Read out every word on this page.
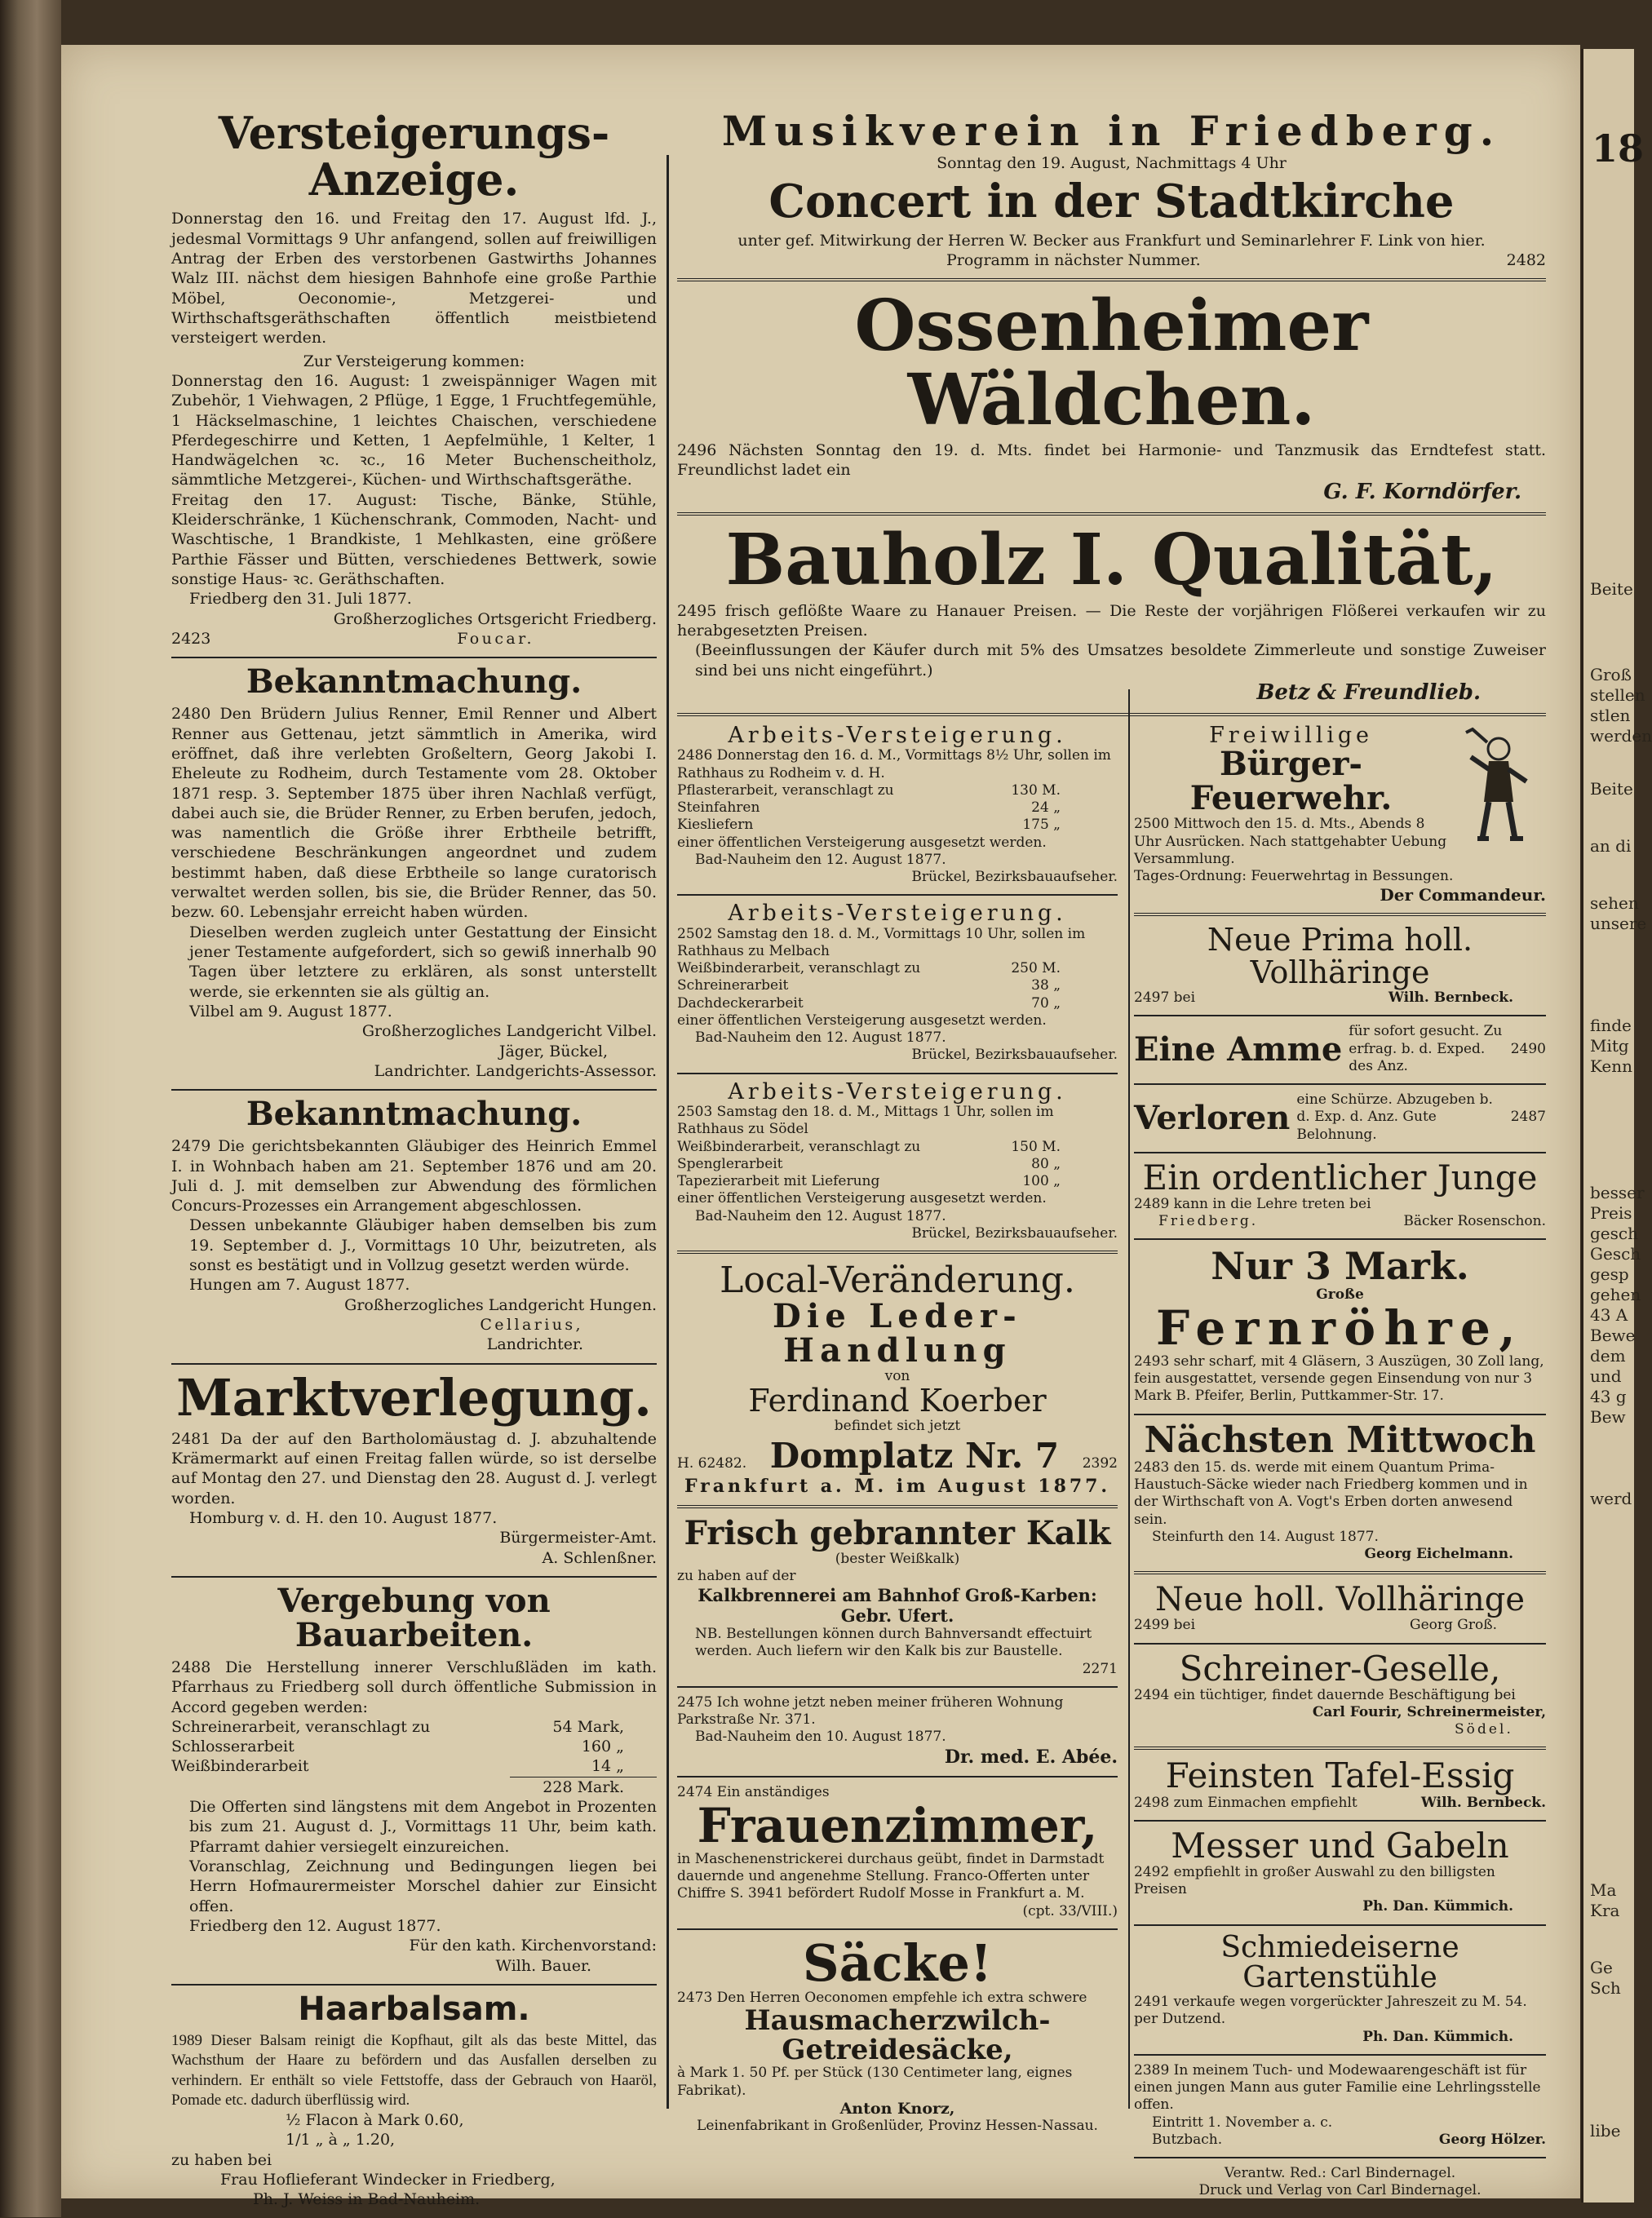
18
Beite
Groß
stellen
stlen
werden
Beite
an di
sehen
unsere
finde
Mitg
Kenn
besser
Preis
gesch
Gesch
gesp
gehen
43 A
Bewe
dem
und
43 g
Bew
werd
Ma
Kra
Ge
Sch
libe
Versteigerungs-Anzeige.
Donnerstag den 16. und Freitag den 17. August lfd. J., jedesmal Vormittags 9 Uhr anfangend, sollen auf freiwilligen Antrag der Erben des verstorbenen Gastwirths Johannes Walz III. nächst dem hiesigen Bahnhofe eine große Parthie Möbel, Oeconomie-, Metzgerei- und Wirthschaftsgeräthschaften öffentlich meistbietend versteigert werden.
Zur Versteigerung kommen:
Donnerstag den 16. August: 1 zweispänniger Wagen mit Zubehör, 1 Viehwagen, 2 Pflüge, 1 Egge, 1 Fruchtfegemühle, 1 Häckselmaschine, 1 leichtes Chaischen, verschiedene Pferdegeschirre und Ketten, 1 Aepfelmühle, 1 Kelter, 1 Handwägelchen ꝛc. ꝛc., 16 Meter Buchenscheitholz, sämmtliche Metzgerei-, Küchen- und Wirthschaftsgeräthe.
Freitag den 17. August: Tische, Bänke, Stühle, Kleiderschränke, 1 Küchenschrank, Commoden, Nacht- und Waschtische, 1 Brandkiste, 1 Mehlkasten, eine größere Parthie Fässer und Bütten, verschiedenes Bettwerk, sowie sonstige Haus- ꝛc. Geräthschaften.
Friedberg den 31. Juli 1877.
Großherzogliches Ortsgericht Friedberg.
2423	Foucar.
Bekanntmachung.
2480 Den Brüdern Julius Renner, Emil Renner und Albert Renner aus Gettenau, jetzt sämmtlich in Amerika, wird eröffnet, daß ihre verlebten Großeltern, Georg Jakobi I. Eheleute zu Rodheim, durch Testamente vom 28. Oktober 1871 resp. 3. September 1875 über ihren Nachlaß verfügt, dabei auch sie, die Brüder Renner, zu Erben berufen, jedoch, was namentlich die Größe ihrer Erbtheile betrifft, verschiedene Beschränkungen angeordnet und zudem bestimmt haben, daß diese Erbtheile so lange curatorisch verwaltet werden sollen, bis sie, die Brüder Renner, das 50. bezw. 60. Lebensjahr erreicht haben würden.
Dieselben werden zugleich unter Gestattung der Einsicht jener Testamente aufgefordert, sich so gewiß innerhalb 90 Tagen über letztere zu erklären, als sonst unterstellt werde, sie erkennten sie als gültig an.
Vilbel am 9. August 1877.
Großherzogliches Landgericht Vilbel.
Jäger, Bückel,
Landrichter. Landgerichts-Assessor.
Bekanntmachung.
2479 Die gerichtsbekannten Gläubiger des Heinrich Emmel I. in Wohnbach haben am 21. September 1876 und am 20. Juli d. J. mit demselben zur Abwendung des förmlichen Concurs-Prozesses ein Arrangement abgeschlossen.
Dessen unbekannte Gläubiger haben demselben bis zum 19. September d. J., Vormittags 10 Uhr, beizutreten, als sonst es bestätigt und in Vollzug gesetzt werden würde.
Hungen am 7. August 1877.
Großherzogliches Landgericht Hungen.
Cellarius,
Landrichter.
Marktverlegung.
2481 Da der auf den Bartholomäustag d. J. abzuhaltende Krämermarkt auf einen Freitag fallen würde, so ist derselbe auf Montag den 27. und Dienstag den 28. August d. J. verlegt worden.
Homburg v. d. H. den 10. August 1877.
Bürgermeister-Amt.
A. Schlenßner.
Vergebung von Bauarbeiten.
2488 Die Herstellung innerer Verschlußläden im kath. Pfarrhaus zu Friedberg soll durch öffentliche Submission in Accord gegeben werden:
Schreinerarbeit, veranschlagt zu	54 Mark,
Schlosserarbeit	160 „
Weißbinderarbeit	14 „
228 Mark.
Die Offerten sind längstens mit dem Angebot in Prozenten bis zum 21. August d. J., Vormittags 11 Uhr, beim kath. Pfarramt dahier versiegelt einzureichen.
Voranschlag, Zeichnung und Bedingungen liegen bei Herrn Hofmaurermeister Morschel dahier zur Einsicht offen.
Friedberg den 12. August 1877.
Für den kath. Kirchenvorstand:
Wilh. Bauer.
Haarbalsam.
1989 Dieser Balsam reinigt die Kopfhaut, gilt als das beste Mittel, das Wachsthum der Haare zu befördern und das Ausfallen derselben zu verhindern. Er enthält so viele Fettstoffe, dass der Gebrauch von Haaröl, Pomade etc. dadurch überflüssig wird.
½ Flacon à Mark 0.60,
1/1 „ à „ 1.20,
zu haben bei
Frau Hoflieferant Windecker in Friedberg,
Ph. J. Weiss in Bad-Nauheim.
Musikverein in Friedberg.
Sonntag den 19. August, Nachmittags 4 Uhr
Concert in der Stadtkirche
unter gef. Mitwirkung der Herren W. Becker aus Frankfurt und Seminarlehrer F. Link von hier.
Programm in nächster Nummer.	2482
Ossenheimer Wäldchen.
2496 Nächsten Sonntag den 19. d. Mts. findet bei Harmonie- und Tanzmusik das Erndtefest statt. Freundlichst ladet ein
G. F. Korndörfer.
Bauholz I. Qualität,
2495 frisch geflößte Waare zu Hanauer Preisen. — Die Reste der vorjährigen Flößerei verkaufen wir zu herabgesetzten Preisen.
(Beeinflussungen der Käufer durch mit 5% des Umsatzes besoldete Zimmerleute und sonstige Zuweiser sind bei uns nicht eingeführt.)
Betz & Freundlieb.
Arbeits-Versteigerung.
2486 Donnerstag den 16. d. M., Vormittags 8½ Uhr, sollen im Rathhaus zu Rodheim v. d. H.
Pflasterarbeit, veranschlagt zu	130 M.
Steinfahren	24 „
Kiesliefern	175 „
einer öffentlichen Versteigerung ausgesetzt werden.
Bad-Nauheim den 12. August 1877.
Brückel, Bezirksbauaufseher.
Arbeits-Versteigerung.
2502 Samstag den 18. d. M., Vormittags 10 Uhr, sollen im Rathhaus zu Melbach
Weißbinderarbeit, veranschlagt zu	250 M.
Schreinerarbeit	38 „
Dachdeckerarbeit	70 „
einer öffentlichen Versteigerung ausgesetzt werden.
Bad-Nauheim den 12. August 1877.
Brückel, Bezirksbauaufseher.
Arbeits-Versteigerung.
2503 Samstag den 18. d. M., Mittags 1 Uhr, sollen im Rathhaus zu Södel
Weißbinderarbeit, veranschlagt zu	150 M.
Spenglerarbeit	80 „
Tapezierarbeit mit Lieferung	100 „
einer öffentlichen Versteigerung ausgesetzt werden.
Bad-Nauheim den 12. August 1877.
Brückel, Bezirksbauaufseher.
Local-Veränderung.
Die Leder-Handlung
von
Ferdinand Koerber
befindet sich jetzt
H. 62482. Domplatz Nr. 7 2392
Frankfurt a. M. im August 1877.
Frisch gebrannter Kalk
(bester Weißkalk)
zu haben auf der
Kalkbrennerei am Bahnhof Groß-Karben:
Gebr. Ufert.
NB. Bestellungen können durch Bahnversandt effectuirt werden. Auch liefern wir den Kalk bis zur Baustelle.
2271
2475 Ich wohne jetzt neben meiner früheren Wohnung Parkstraße Nr. 371.
Bad-Nauheim den 10. August 1877.
Dr. med. E. Abée.
2474 Ein anständiges
Frauenzimmer,
in Maschenenstrickerei durchaus geübt, findet in Darmstadt dauernde und angenehme Stellung. Franco-Offerten unter Chiffre S. 3941 befördert Rudolf Mosse in Frankfurt a. M.
(cpt. 33/VIII.)
Säcke!
2473 Den Herren Oeconomen empfehle ich extra schwere
Hausmacherzwilch-Getreidesäcke,
à Mark 1. 50 Pf. per Stück (130 Centimeter lang, eignes Fabrikat).
Anton Knorz,
Leinenfabrikant in Großenlüder, Provinz Hessen-Nassau.
Freiwillige
Bürger-Feuerwehr.
2500 Mittwoch den 15. d. Mts., Abends 8 Uhr Ausrücken. Nach stattgehabter Uebung Versammlung.
Tages-Ordnung: Feuerwehrtag in Bessungen.
Der Commandeur.
Neue Prima holl. Vollhäringe
2497 bei	Wilh. Bernbeck.
Eine Amme für sofort gesucht. Zu erfrag. b. d. Exped. des Anz.
2490
Verloren eine Schürze. Abzugeben b. d. Exp. d. Anz. Gute Belohnung.
2487
Ein ordentlicher Junge
2489 kann in die Lehre treten bei
Friedberg.	Bäcker Rosenschon.
Nur 3 Mark.
Große
Fernröhre,
2493 sehr scharf, mit 4 Gläsern, 3 Auszügen, 30 Zoll lang, fein ausgestattet, versende gegen Einsendung von nur 3 Mark B. Pfeifer, Berlin, Puttkammer-Str. 17.
Nächsten Mittwoch
2483 den 15. ds. werde mit einem Quantum Prima-Haustuch-Säcke wieder nach Friedberg kommen und in der Wirthschaft von A. Vogt's Erben dorten anwesend sein.
Steinfurth den 14. August 1877.
Georg Eichelmann.
Neue holl. Vollhäringe
2499 bei	Georg Groß.
Schreiner-Geselle,
2494 ein tüchtiger, findet dauernde Beschäftigung bei
Carl Fourir, Schreinermeister,
Södel.
Feinsten Tafel-Essig
2498 zum Einmachen empfiehlt	Wilh. Bernbeck.
Messer und Gabeln
2492 empfiehlt in großer Auswahl zu den billigsten Preisen
Ph. Dan. Kümmich.
Schmiedeiserne Gartenstühle
2491 verkaufe wegen vorgerückter Jahreszeit zu M. 54. per Dutzend.
Ph. Dan. Kümmich.
2389 In meinem Tuch- und Modewaarengeschäft ist für einen jungen Mann aus guter Familie eine Lehrlingsstelle offen.
Eintritt 1. November a. c.
Butzbach.	Georg Hölzer.
Verantw. Red.: Carl Bindernagel.
Druck und Verlag von Carl Bindernagel.
